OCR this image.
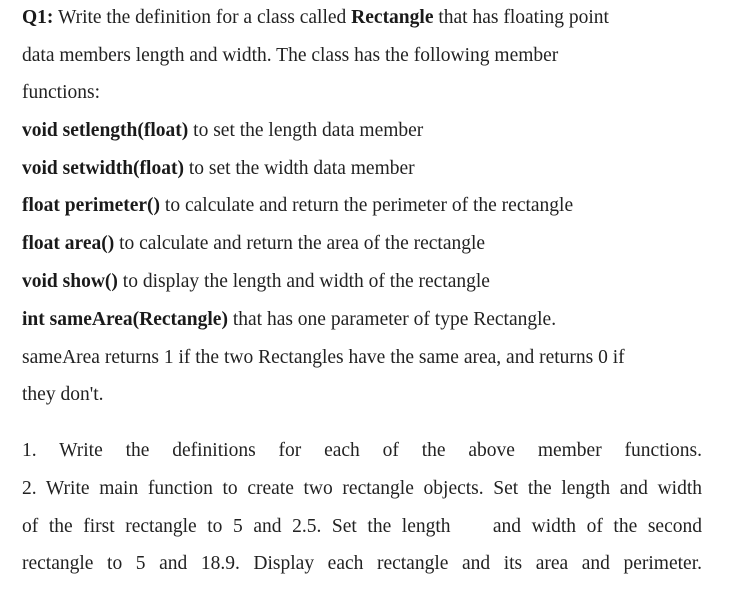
Q1: Write the definition for a class called Rectangle that has floating point
data members length and width. The class has the following member
functions:
void setlength(float) to set the length data member
void setwidth(float) to set the width data member
float perimeter() to calculate and return the perimeter of the rectangle
float area() to calculate and return the area of the rectangle
void show() to display the length and width of the rectangle
int sameArea(Rectangle) that has one parameter of type Rectangle.
sameArea returns 1 if the two Rectangles have the same area, and returns 0 if
they don't.
1. Write the definitions for each of the above member functions.
2. Write main function to create two rectangle objects. Set the length and width
of the first rectangle to 5 and 2.5. Set the length    and width of the second
rectangle to 5 and 18.9. Display each rectangle and its area and perimeter.
